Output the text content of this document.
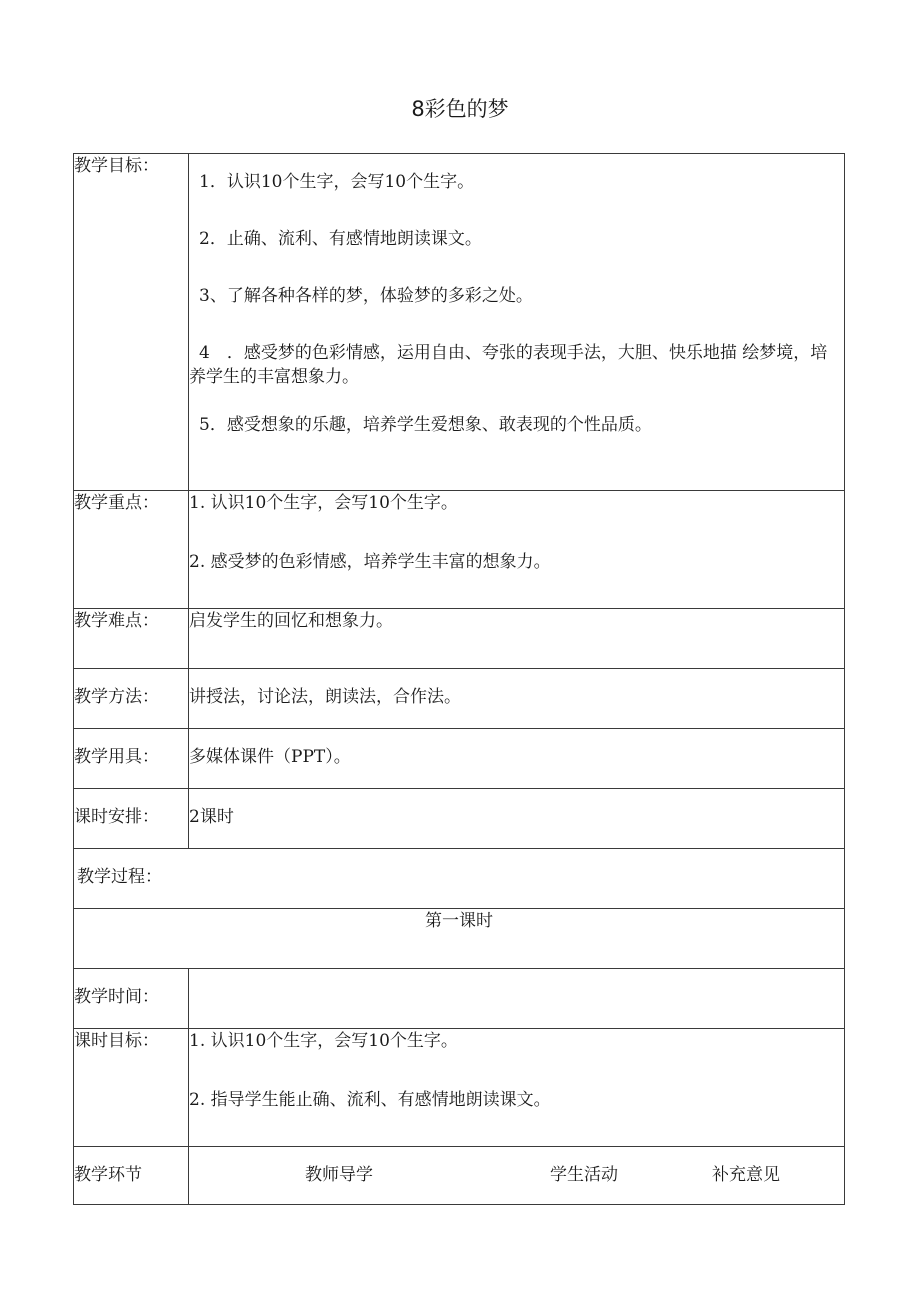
8彩色的梦
教学目标：	1．认识10个生字，会写10个生字。

2．止确、流利、有感情地朗读课文。

3、了解各种各样的梦，体验梦的多彩之处。

4　．感受梦的色彩情感，运用自由、夸张的表现手法，大胆、快乐地描 绘梦境，培养学生的丰富想象力。

5．感受想象的乐趣，培养学生爱想象、敢表现的个性品质。

教学重点：	1. 认识10个生字，会写10个生字。

2. 感受梦的色彩情感，培养学生丰富的想象力。

教学难点：	启发学生的回忆和想象力。
教学方法：	讲授法，讨论法，朗读法，合作法。
教学用具：	多媒体课件（PPT）。
课时安排：	2课时
教学过程：	
第一课时	
教学时间：	
课时目标：	1. 认识10个生字，会写10个生字。

2. 指导学生能止确、流利、有感情地朗读课文。

教学环节	教师导学 学生活动 补充意见
